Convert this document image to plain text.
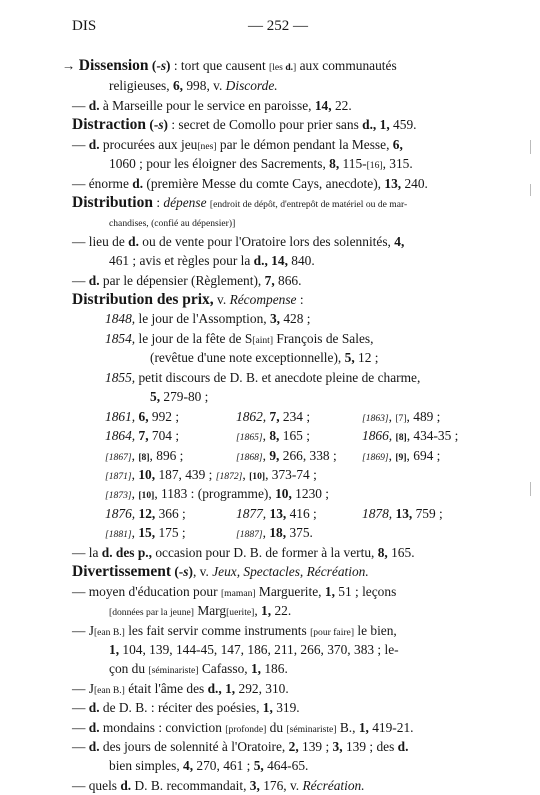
DIS	— 252 —
→ Dissension (-s) : tort que causent [les d.] aux communautés
religieuses, 6, 998, v. Discorde.
— d. à Marseille pour le service en paroisse, 14, 22.
Distraction (-s) : secret de Comollo pour prier sans d., 1, 459.
— d. procurées aux jeu[nes] par le démon pendant la Messe, 6,
1060 ; pour les éloigner des Sacrements, 8, 115-[16], 315.
— énorme d. (première Messe du comte Cays, anecdote), 13, 240.
Distribution : dépense [endroit de dépôt, d'entrepôt de matériel ou de mar-
chandises, (confié au dépensier)]
— lieu de d. ou de vente pour l'Oratoire lors des solennités, 4,
461 ; avis et règles pour la d., 14, 840.
— d. par le dépensier (Règlement), 7, 866.
Distribution des prix, v. Récompense :
1848, le jour de l'Assomption, 3, 428 ;
1854, le jour de la fête de S[aint] François de Sales,
(revêtue d'une note exceptionnelle), 5, 12 ;
1855, petit discours de D. B. et anecdote pleine de charme,
5, 279-80 ;
1861, 6, 992 ;	1862, 7, 234 ;	[1863], [7], 489 ;
1864, 7, 704 ;	[1865], 8, 165 ;	1866, [8], 434-35 ;
[1867], [8], 896 ;	[1868], 9, 266, 338 ;	[1869], [9], 694 ;
[1871], 10, 187, 439 ; [1872], [10], 373-74 ;
[1873], [10], 1183 : (programme), 10, 1230 ;
1876, 12, 366 ;	1877, 13, 416 ;	1878, 13, 759 ;
[1881], 15, 175 ;	[1887], 18, 375.
— la d. des p., occasion pour D. B. de former à la vertu, 8, 165.
Divertissement (-s), v. Jeux, Spectacles, Récréation.
— moyen d'éducation pour [maman] Marguerite, 1, 51 ; leçons
[données par la jeune] Marg[uerite], 1, 22.
— J[ean B.] les fait servir comme instruments [pour faire] le bien,
1, 104, 139, 144-45, 147, 186, 211, 266, 370, 383 ; le-
çon du [séminariste] Cafasso, 1, 186.
— J[ean B.] était l'âme des d., 1, 292, 310.
— d. de D. B. : réciter des poésies, 1, 319.
— d. mondains : conviction [profonde] du [séminariste] B., 1, 419-21.
— d. des jours de solennité à l'Oratoire, 2, 139 ; 3, 139 ; des d.
bien simples, 4, 270, 461 ; 5, 464-65.
— quels d. D. B. recommandait, 3, 176, v. Récréation.
